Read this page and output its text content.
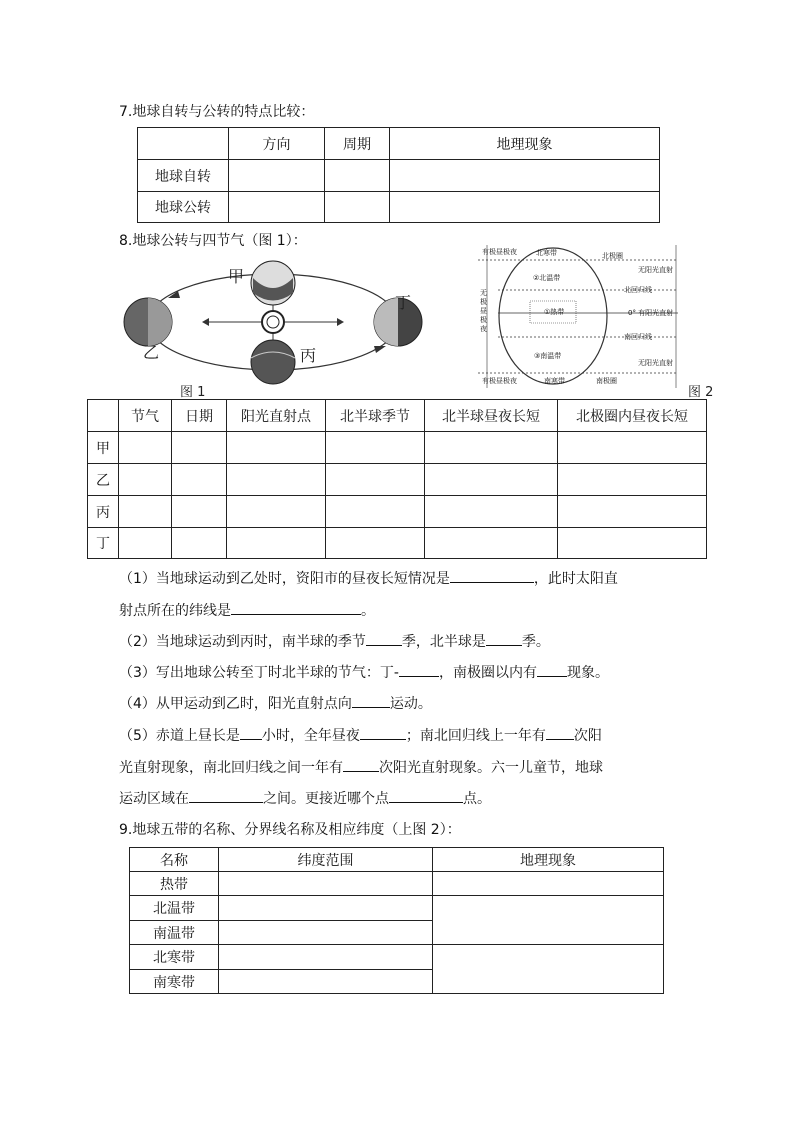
7.地球自转与公转的特点比较：
	方向	周期	地理现象
地球自转			
地球公转			
8.地球公转与四节气（图 1）：
甲
乙	丙
丁
图 1
有极昼极夜	北寒带	北极圈
无阳光直射
②北温带
北回归线
无极昼极夜
①热带	0° 有阳光直射
南回归线
③南温带
无阳光直射
有极昼极夜	南寒带	南极圈
图 2
	节气	日期	阳光直射点	北半球季节	北半球昼夜长短	北极圈内昼夜长短
甲						
乙						
丙						
丁						
（1）当地球运动到乙处时，资阳市的昼夜长短情况是	，此时太阳直
射点所在的纬线是	。
（2）当地球运动到丙时，南半球的季节	季，北半球是	季。
（3）写出地球公转至丁时北半球的节气：丁-	，南极圈以内有 现象。
（4）从甲运动到乙时，阳光直射点向	运动。
（5）赤道上昼长是 小时，全年昼夜	；南北回归线上一年有 次阳
光直射现象，南北回归线之间一年有	次阳光直射现象。六一儿童节，地球
运动区域在	之间。更接近哪个点	点。
9.地球五带的名称、分界线名称及相应纬度（上图 2）：
名称	纬度范围	地理现象
热带		
北温带		
南温带		
北寒带		
南寒带		
